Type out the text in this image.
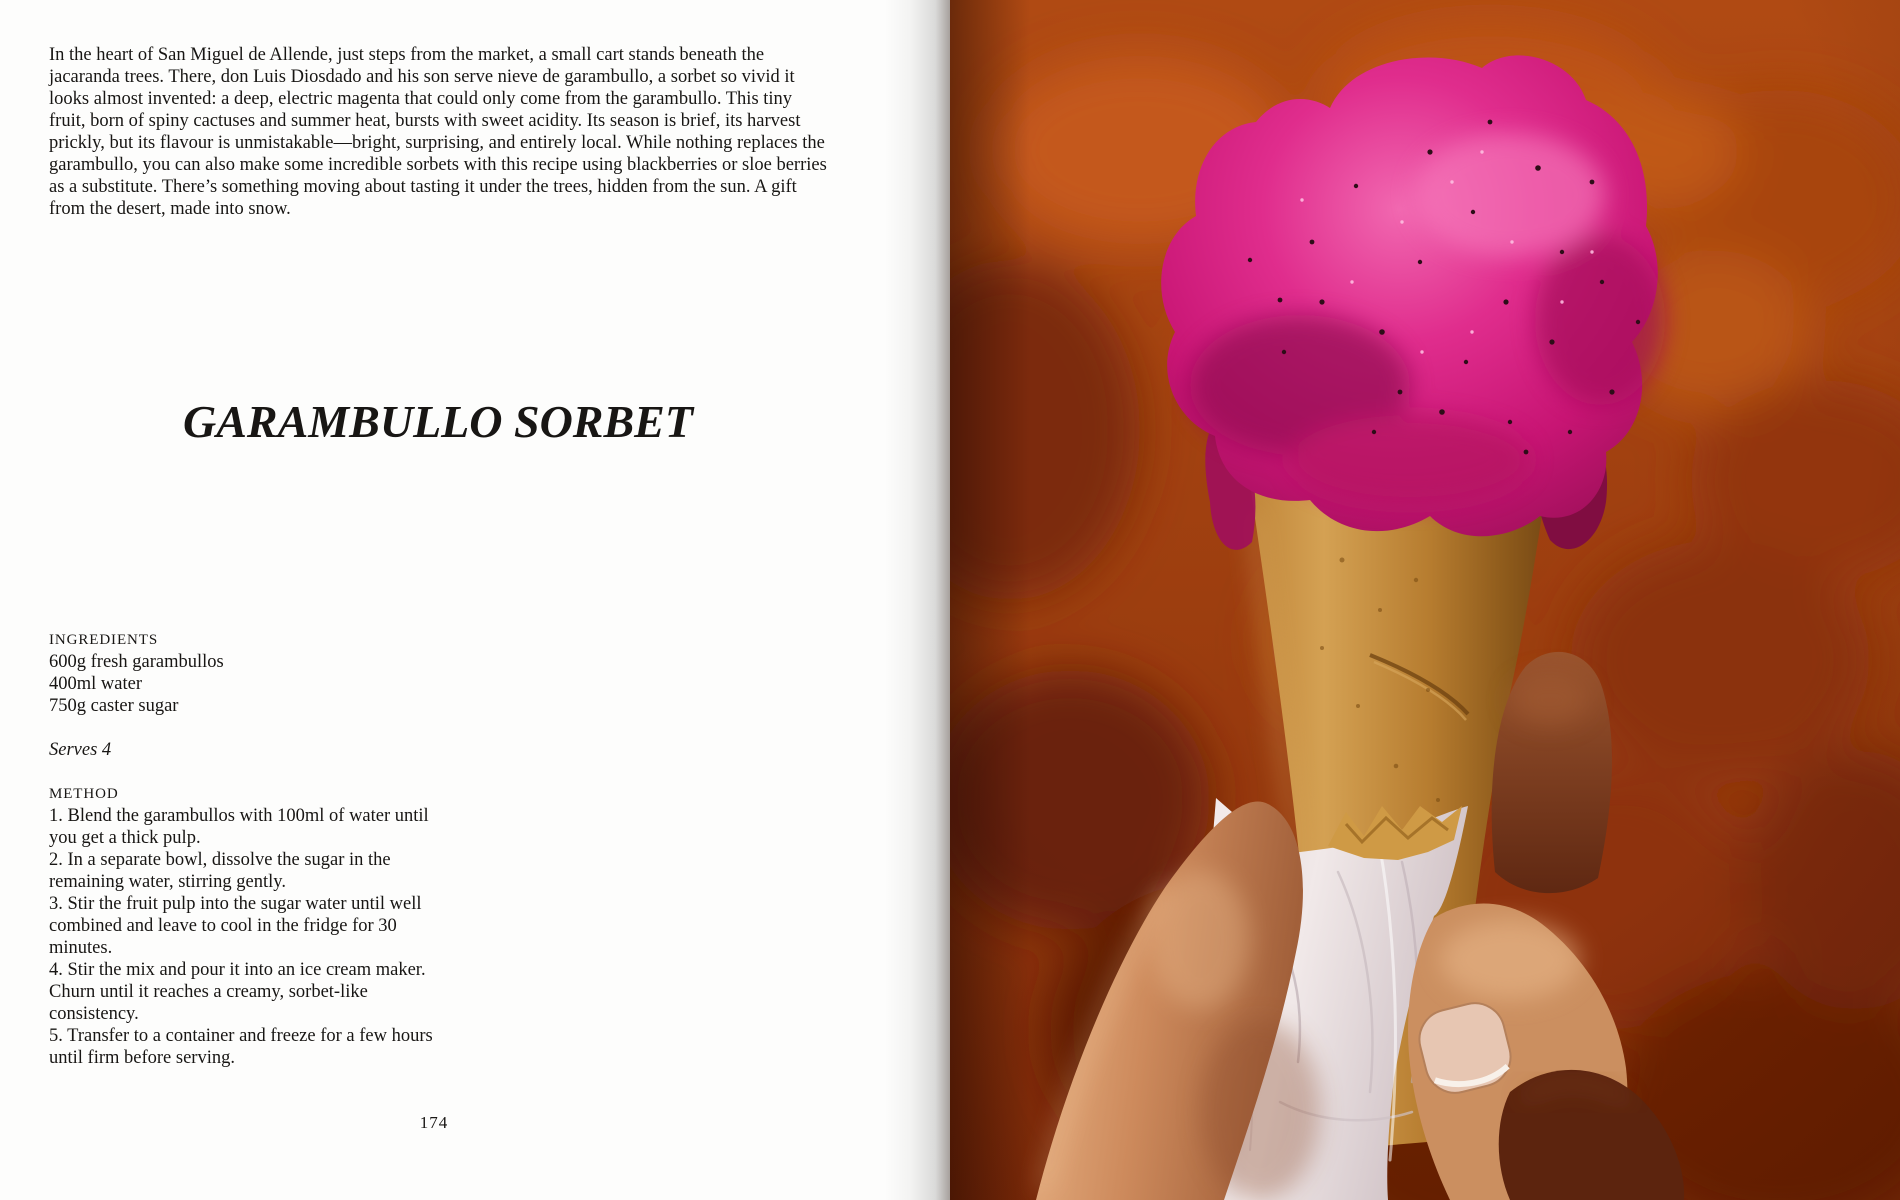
In the heart of San Miguel de Allende, just steps from the market, a small cart stands beneath the jacaranda trees. There, don Luis Diosdado and his son serve nieve de garambullo, a sorbet so vivid it looks almost invented: a deep, electric magenta that could only come from the garambullo. This tiny fruit, born of spiny cactuses and summer heat, bursts with sweet acidity. Its season is brief, its harvest prickly, but its flavour is unmistakable—bright, surprising, and entirely local. While nothing replaces the garambullo, you can also make some incredible sorbets with this recipe using blackberries or sloe berries as a substitute. There’s something moving about tasting it under the trees, hidden from the sun. A gift from the desert, made into snow.

GARAMBULLO SORBET
INGREDIENTS

600g fresh garambullos

400ml water

750g caster sugar

Serves 4

METHOD

1. Blend the garambullos with 100ml of water until you get a thick pulp.

2. In a separate bowl, dissolve the sugar in the remaining water, stirring gently.

3. Stir the fruit pulp into the sugar water until well combined and leave to cool in the fridge for 30 minutes.

4. Stir the mix and pour it into an ice cream maker. Churn until it reaches a creamy, sorbet-like consistency.

5. Transfer to a container and freeze for a few hours until firm before serving.

174
